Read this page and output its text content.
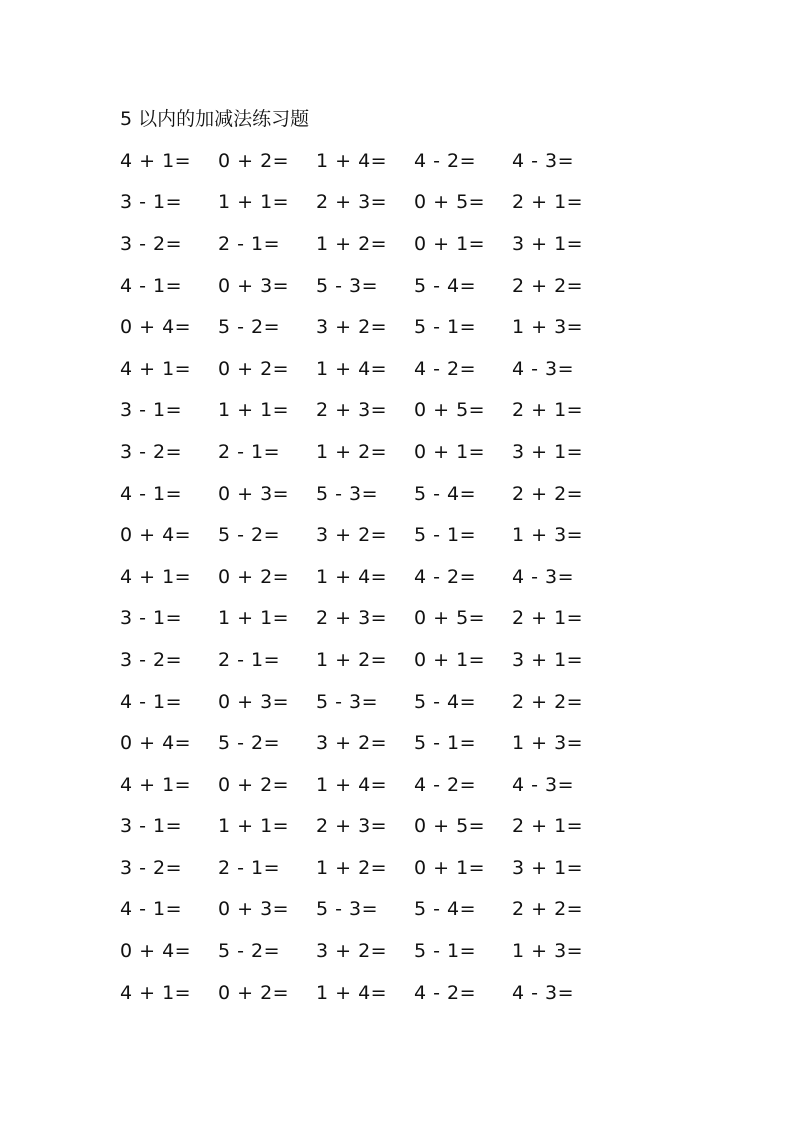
5 以内的加减法练习题
4 + 1=	0 + 2=	1 + 4=	4 - 2=	4 - 3=
3 - 1=	1 + 1=	2 + 3=	0 + 5=	2 + 1=
3 - 2=	2 - 1=	1 + 2=	0 + 1=	3 + 1=
4 - 1=	0 + 3=	5 - 3=	5 - 4=	2 + 2=
0 + 4=	5 - 2=	3 + 2=	5 - 1=	1 + 3=
4 + 1=	0 + 2=	1 + 4=	4 - 2=	4 - 3=
3 - 1=	1 + 1=	2 + 3=	0 + 5=	2 + 1=
3 - 2=	2 - 1=	1 + 2=	0 + 1=	3 + 1=
4 - 1=	0 + 3=	5 - 3=	5 - 4=	2 + 2=
0 + 4=	5 - 2=	3 + 2=	5 - 1=	1 + 3=
4 + 1=	0 + 2=	1 + 4=	4 - 2=	4 - 3=
3 - 1=	1 + 1=	2 + 3=	0 + 5=	2 + 1=
3 - 2=	2 - 1=	1 + 2=	0 + 1=	3 + 1=
4 - 1=	0 + 3=	5 - 3=	5 - 4=	2 + 2=
0 + 4=	5 - 2=	3 + 2=	5 - 1=	1 + 3=
4 + 1=	0 + 2=	1 + 4=	4 - 2=	4 - 3=
3 - 1=	1 + 1=	2 + 3=	0 + 5=	2 + 1=
3 - 2=	2 - 1=	1 + 2=	0 + 1=	3 + 1=
4 - 1=	0 + 3=	5 - 3=	5 - 4=	2 + 2=
0 + 4=	5 - 2=	3 + 2=	5 - 1=	1 + 3=
4 + 1=	0 + 2=	1 + 4=	4 - 2=	4 - 3=
